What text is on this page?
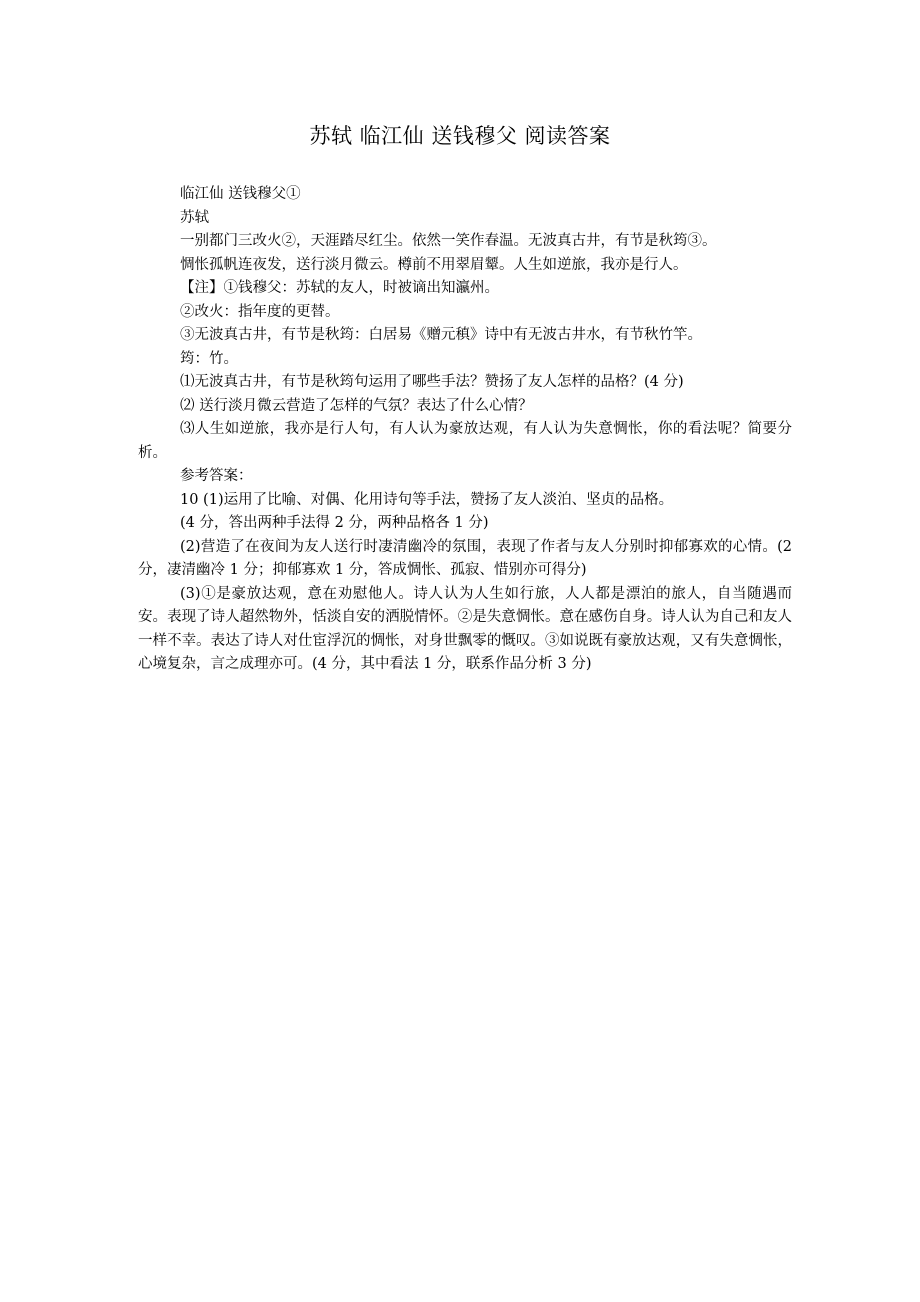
苏轼 临江仙 送钱穆父 阅读答案
临江仙 送钱穆父①
苏轼
一别都门三改火②，天涯踏尽红尘。依然一笑作春温。无波真古井，有节是秋筠③。
惆怅孤帆连夜发，送行淡月微云。樽前不用翠眉颦。人生如逆旅，我亦是行人。
【注】①钱穆父：苏轼的友人，时被谪出知瀛州。
②改火：指年度的更替。
③无波真古井，有节是秋筠：白居易《赠元稹》诗中有无波古井水，有节秋竹竿。
筠：竹。
⑴无波真古井，有节是秋筠句运用了哪些手法？赞扬了友人怎样的品格？(4 分)
⑵ 送行淡月微云营造了怎样的气氛？表达了什么心情？
⑶人生如逆旅，我亦是行人句，有人认为豪放达观，有人认为失意惆怅，你的看法呢？简要分析。
参考答案：
10 (1)运用了比喻、对偶、化用诗句等手法，赞扬了友人淡泊、坚贞的品格。
(4 分，答出两种手法得 2 分，两种品格各 1 分)
(2)营造了在夜间为友人送行时凄清幽冷的氛围，表现了作者与友人分别时抑郁寡欢的心情。(2 分，凄清幽冷 1 分；抑郁寡欢 1 分，答成惆怅、孤寂、惜别亦可得分)
(3)①是豪放达观，意在劝慰他人。诗人认为人生如行旅，人人都是漂泊的旅人，自当随遇而安。表现了诗人超然物外，恬淡自安的洒脱情怀。②是失意惆怅。意在感伤自身。诗人认为自己和友人一样不幸。表达了诗人对仕宦浮沉的惆怅，对身世飘零的慨叹。③如说既有豪放达观，又有失意惆怅，心境复杂，言之成理亦可。(4 分，其中看法 1 分，联系作品分析 3 分)
